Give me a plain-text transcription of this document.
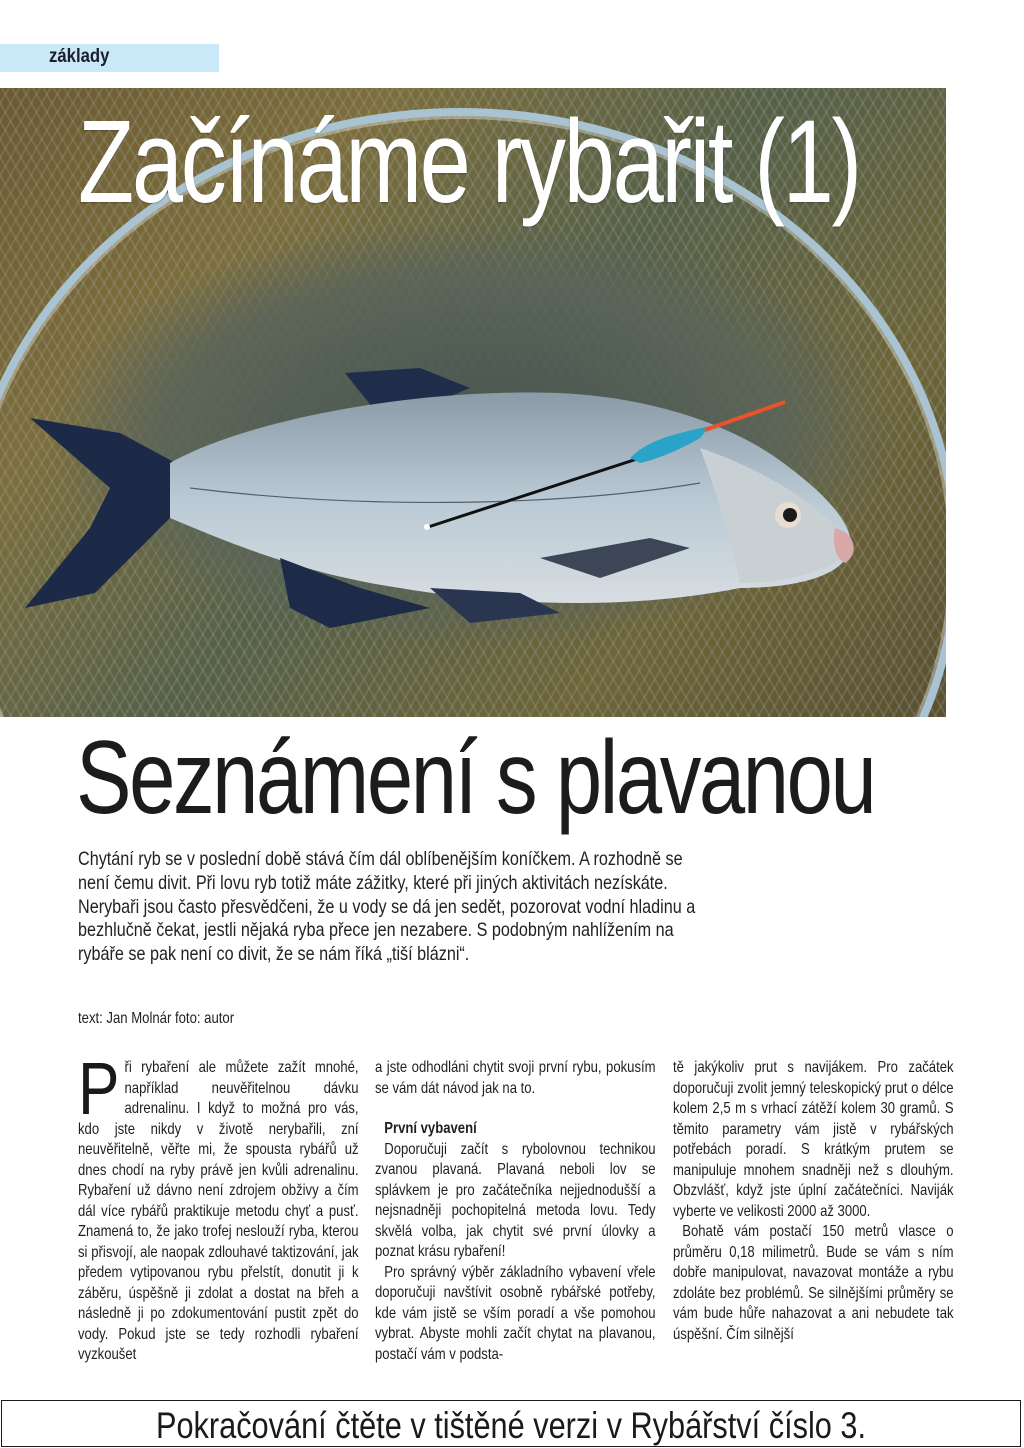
základy
Začínáme rybařit (1)
Seznámení s plavanou

Chytání ryb se v poslední době stává čím dál oblíbenějším koníčkem. A rozhodně se není čemu divit. Při lovu ryb totiž máte zážitky, které při jiných aktivitách nezískáte. Nerybaři jsou často přesvědčeni, že u vody se dá jen sedět, pozorovat vodní hladinu a bezhlučně čekat, jestli nějaká ryba přece jen nezabere. S podobným nahlížením na rybáře se pak není co divit, že se nám říká „tiší blázni“.

text: Jan Molnár foto: autor
P ři rybaření ale můžete zažít mnohé, například neuvěřitelnou dávku adrenalinu. I když to možná pro vás, kdo jste nikdy v životě nerybařili, zní neuvěřitelně, věřte mi, že spousta rybářů už dnes chodí na ryby právě jen kvůli adrenalinu. Rybaření už dávno není zdrojem obživy a čím dál více rybářů praktikuje metodu chyť a pusť. Znamená to, že jako trofej neslouží ryba, kterou si přisvojí, ale naopak zdlouhavé taktizování, jak předem vytipovanou rybu přelstít, donutit ji k záběru, úspěšně ji zdolat a dostat na břeh a následně ji po zdokumentování pustit zpět do vody. Pokud jste se tedy rozhodli rybaření vyzkoušet

a jste odhodláni chytit svoji první rybu, pokusím se vám dát návod jak na to.

První vybavení

Doporučuji začít s rybolovnou technikou zvanou plavaná. Plavaná neboli lov se splávkem je pro začátečníka nejjednodušší a nejsnadněji pochopitelná metoda lovu. Tedy skvělá volba, jak chytit své první úlovky a poznat krásu rybaření!

Pro správný výběr základního vybavení vřele doporučuji navštívit osobně rybářské potřeby, kde vám jistě se vším poradí a vše pomohou vybrat. Abyste mohli začít chytat na plavanou, postačí vám v podsta-

tě jakýkoliv prut s navijákem. Pro začátek doporučuji zvolit jemný teleskopický prut o délce kolem 2,5 m s vrhací zátěží kolem 30 gramů. S těmito parametry vám jistě v rybářských potřebách poradí. S krátkým prutem se manipuluje mnohem snadněji než s dlouhým. Obzvlášť, když jste úplní začátečníci. Naviják vyberte ve velikosti 2000 až 3000.

Bohatě vám postačí 150 metrů vlasce o průměru 0,18 milimetrů. Bude se vám s ním dobře manipulovat, navazovat montáže a rybu zdoláte bez problémů. Se silnějšími průměry se vám bude hůře nahazovat a ani nebudete tak úspěšní. Čím silnější

Pokračování čtěte v tištěné verzi v Rybářství číslo 3.
